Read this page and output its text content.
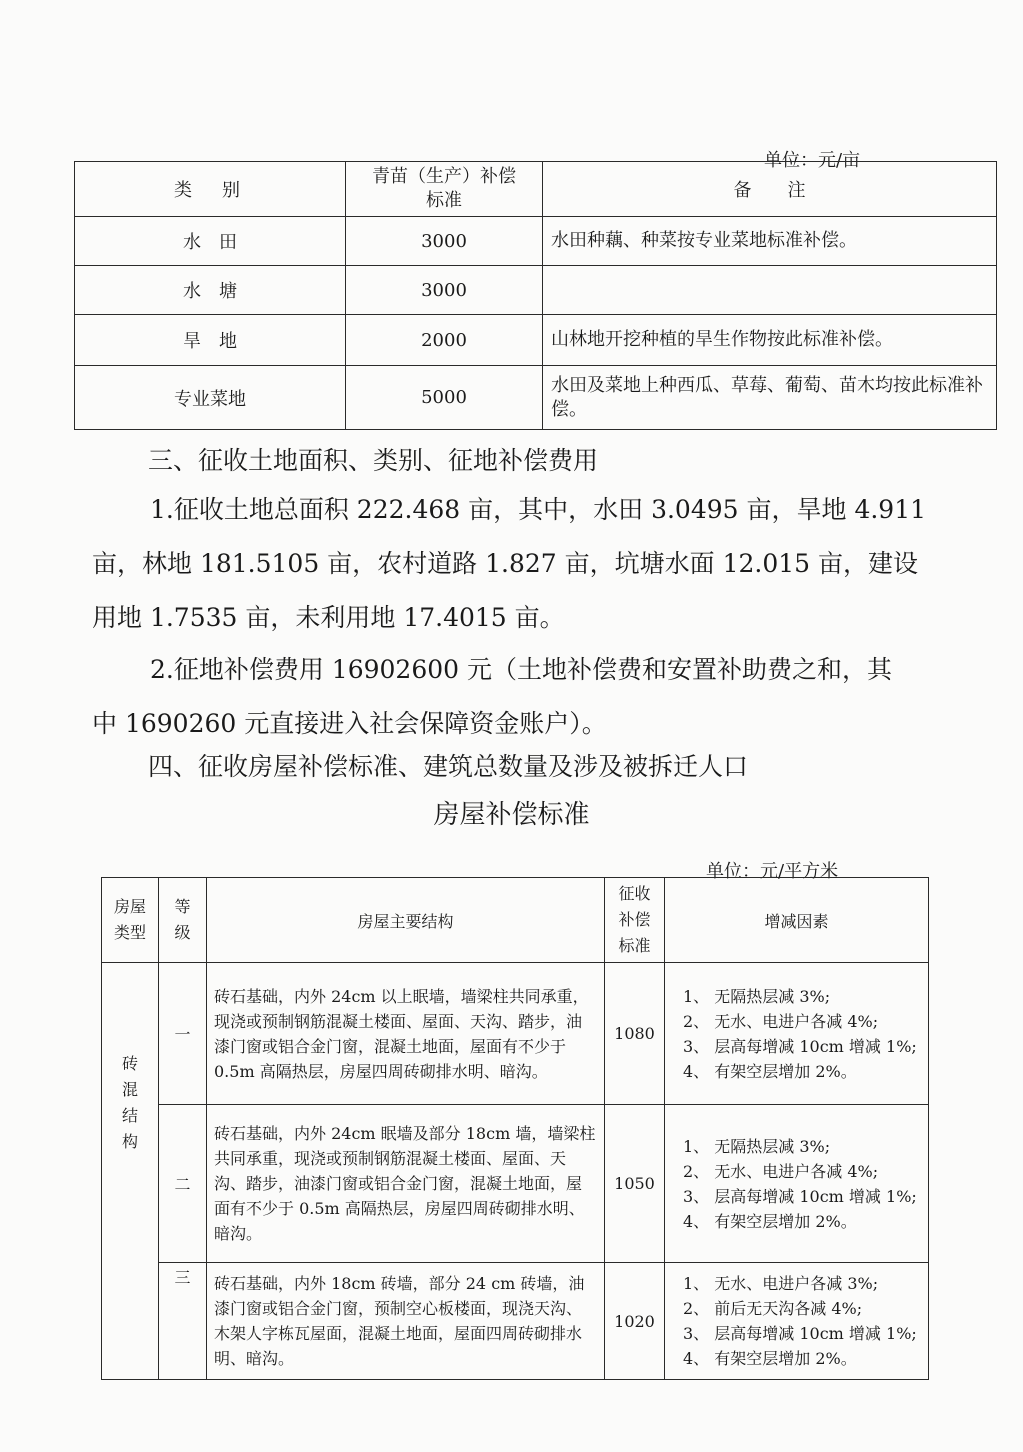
单位：元/亩
类　别	青苗（生产）补偿标准	备　　注
水　田	3000	水田种藕、种菜按专业菜地标准补偿。
水　塘	3000	
旱　地	2000	山林地开挖种植的旱生作物按此标准补偿。
专业菜地	5000	水田及菜地上种西瓜、草莓、葡萄、苗木均按此标准补偿。
三、征收土地面积、类别、征地补偿费用
1.征收土地总面积 222.468 亩，其中，水田 3.0495 亩，旱地 4.911
亩，林地 181.5105 亩，农村道路 1.827 亩，坑塘水面 12.015 亩，建设
用地 1.7535 亩，未利用地 17.4015 亩。
2.征地补偿费用 16902600 元（土地补偿费和安置补助费之和，其
中 1690260 元直接进入社会保障资金账户）。
四、征收房屋补偿标准、建筑总数量及涉及被拆迁人口
房屋补偿标准
单位：元/平方米
房屋类型	等级	房屋主要结构	征收补偿标准	增减因素

砖混结构	一	砖石基础，内外 24cm 以上眠墙，墙梁柱共同承重，现浇或预制钢筋混凝土楼面、屋面、天沟、踏步，油漆门窗或铝合金门窗，混凝土地面，屋面有不少于 0.5m 高隔热层，房屋四周砖砌排水明、暗沟。	1080	1、 无隔热层减 3%;
2、 无水、电进户各减 4%;
3、 层高每增减 10cm 增减 1%;
4、 有架空层增加 2%。

	二	砖石基础，内外 24cm 眠墙及部分 18cm 墙，墙梁柱共同承重，现浇或预制钢筋混凝土楼面、屋面、天沟、踏步，油漆门窗或铝合金门窗，混凝土地面，屋面有不少于 0.5m 高隔热层，房屋四周砖砌排水明、暗沟。	1050	1、 无隔热层减 3%;
2、 无水、电进户各减 4%;
3、 层高每增减 10cm 增减 1%;
4、 有架空层增加 2%。

	三	砖石基础，内外 18cm 砖墙，部分 24 cm 砖墙，油漆门窗或铝合金门窗，预制空心板楼面，现浇天沟、木架人字栋瓦屋面，混凝土地面，屋面四周砖砌排水明、暗沟。	1020	1、 无水、电进户各减 3%;
2、 前后无天沟各减 4%;
3、 层高每增减 10cm 增减 1%;
4、 有架空层增加 2%。
